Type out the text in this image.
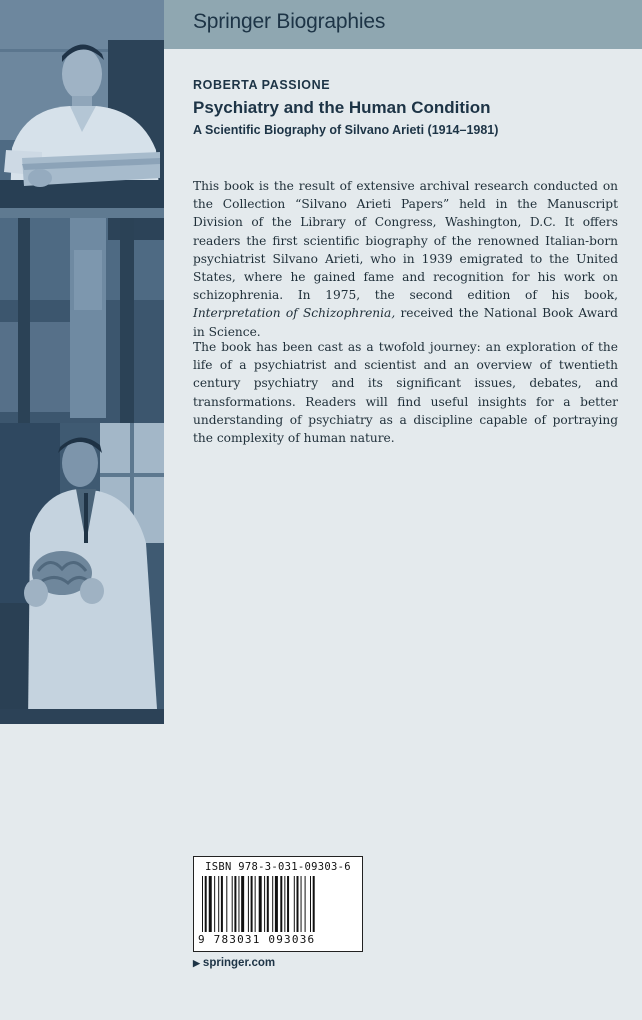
Springer Biographies
ROBERTA PASSIONE
Psychiatry and the Human Condition
A Scientific Biography of Silvano Arieti (1914–1981)

This book is the result of extensive archival research conducted on the Collection “Silvano Arieti Papers” held in the Manuscript Division of the Library of Congress, Washington, D.C. It offers readers the first scientific biography of the renowned Italian-born psychiatrist Silvano Arieti, who in 1939 emigrated to the United States, where he gained fame and recognition for his work on schizophrenia. In 1975, the second edition of his book, Interpretation of Schizophrenia, received the National Book Award in Science.

The book has been cast as a twofold journey: an exploration of the life of a psychiatrist and scientist and an overview of twentieth century psychiatry and its significant issues, debates, and transformations. Readers will find useful insights for a better understanding of psychiatry as a discipline capable of portraying the complexity of human nature.

ISBN 978-3-031-09303-6
9 783031 093036
▶ springer.com
